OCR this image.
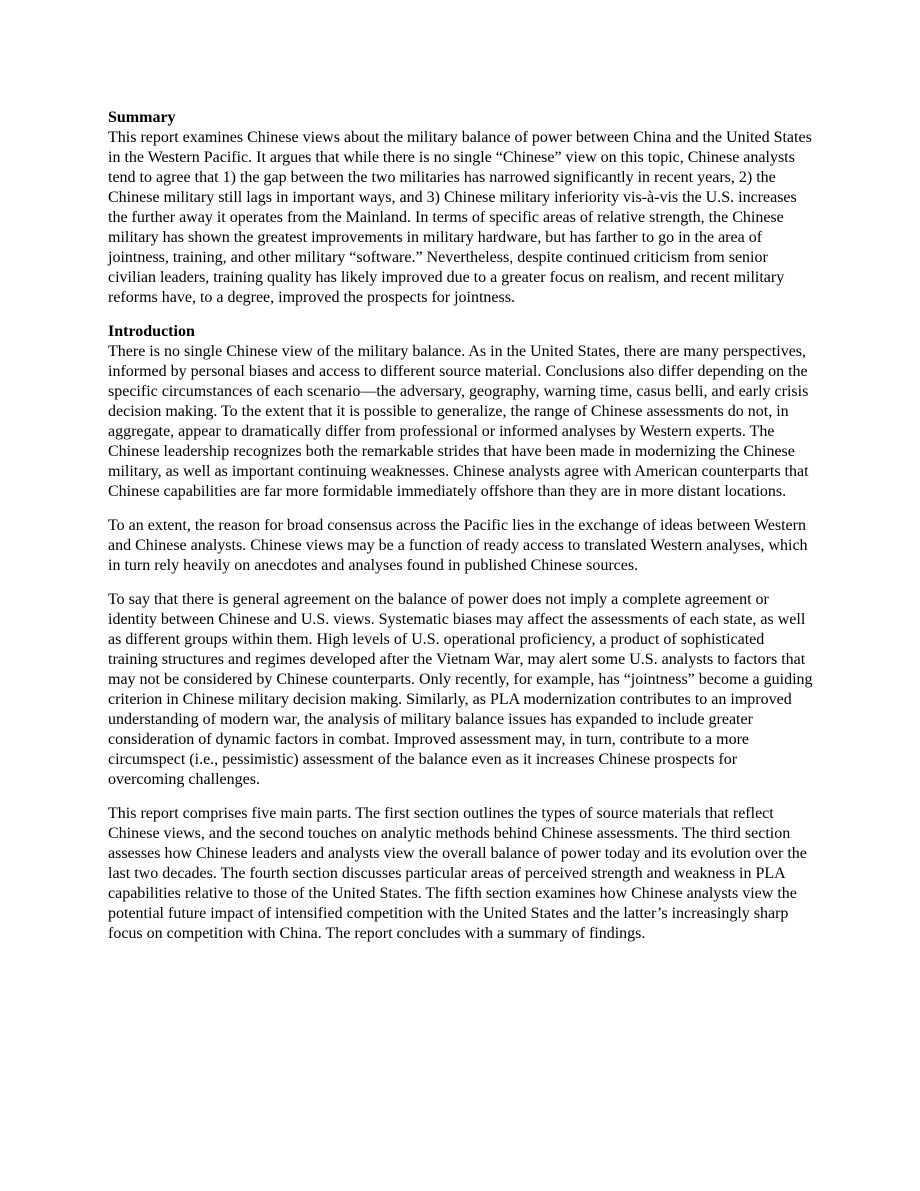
Summary

This report examines Chinese views about the military balance of power between China and the United States in the Western Pacific. It argues that while there is no single “Chinese” view on this topic, Chinese analysts tend to agree that 1) the gap between the two militaries has narrowed significantly in recent years, 2) the Chinese military still lags in important ways, and 3) Chinese military inferiority vis-à-vis the U.S. increases the further away it operates from the Mainland. In terms of specific areas of relative strength, the Chinese military has shown the greatest improvements in military hardware, but has farther to go in the area of jointness, training, and other military “software.” Nevertheless, despite continued criticism from senior civilian leaders, training quality has likely improved due to a greater focus on realism, and recent military reforms have, to a degree, improved the prospects for jointness.

Introduction

There is no single Chinese view of the military balance. As in the United States, there are many perspectives, informed by personal biases and access to different source material. Conclusions also differ depending on the specific circumstances of each scenario—the adversary, geography, warning time, casus belli, and early crisis decision making. To the extent that it is possible to generalize, the range of Chinese assessments do not, in aggregate, appear to dramatically differ from professional or informed analyses by Western experts. The Chinese leadership recognizes both the remarkable strides that have been made in modernizing the Chinese military, as well as important continuing weaknesses. Chinese analysts agree with American counterparts that Chinese capabilities are far more formidable immediately offshore than they are in more distant locations.

To an extent, the reason for broad consensus across the Pacific lies in the exchange of ideas between Western and Chinese analysts. Chinese views may be a function of ready access to translated Western analyses, which in turn rely heavily on anecdotes and analyses found in published Chinese sources.

To say that there is general agreement on the balance of power does not imply a complete agreement or identity between Chinese and U.S. views. Systematic biases may affect the assessments of each state, as well as different groups within them. High levels of U.S. operational proficiency, a product of sophisticated training structures and regimes developed after the Vietnam War, may alert some U.S. analysts to factors that may not be considered by Chinese counterparts. Only recently, for example, has “jointness” become a guiding criterion in Chinese military decision making. Similarly, as PLA modernization contributes to an improved understanding of modern war, the analysis of military balance issues has expanded to include greater consideration of dynamic factors in combat. Improved assessment may, in turn, contribute to a more circumspect (i.e., pessimistic) assessment of the balance even as it increases Chinese prospects for overcoming challenges.

This report comprises five main parts. The first section outlines the types of source materials that reflect Chinese views, and the second touches on analytic methods behind Chinese assessments. The third section assesses how Chinese leaders and analysts view the overall balance of power today and its evolution over the last two decades. The fourth section discusses particular areas of perceived strength and weakness in PLA capabilities relative to those of the United States. The fifth section examines how Chinese analysts view the potential future impact of intensified competition with the United States and the latter’s increasingly sharp focus on competition with China. The report concludes with a summary of findings.
